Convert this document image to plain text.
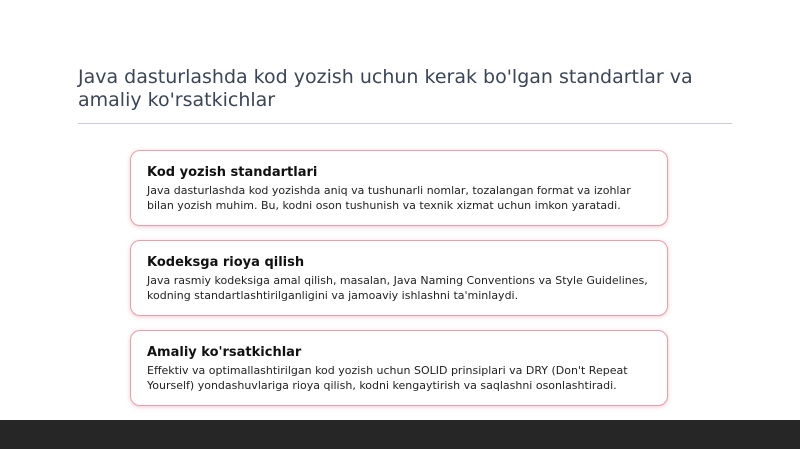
Java dasturlashda kod yozish uchun kerak bo'lgan standartlar va amaliy ko'rsatkichlar
Kod yozish standartlari
Java dasturlashda kod yozishda aniq va tushunarli nomlar, tozalangan format va izohlar bilan yozish muhim. Bu, kodni oson tushunish va texnik xizmat uchun imkon yaratadi.
Kodeksga rioya qilish
Java rasmiy kodeksiga amal qilish, masalan, Java Naming Conventions va Style Guidelines, kodning standartlashtirilganligini va jamoaviy ishlashni ta'minlaydi.
Amaliy ko'rsatkichlar
Effektiv va optimallashtirilgan kod yozish uchun SOLID prinsiplari va DRY (Don't Repeat Yourself) yondashuvlariga rioya qilish, kodni kengaytirish va saqlashni osonlashtiradi.
